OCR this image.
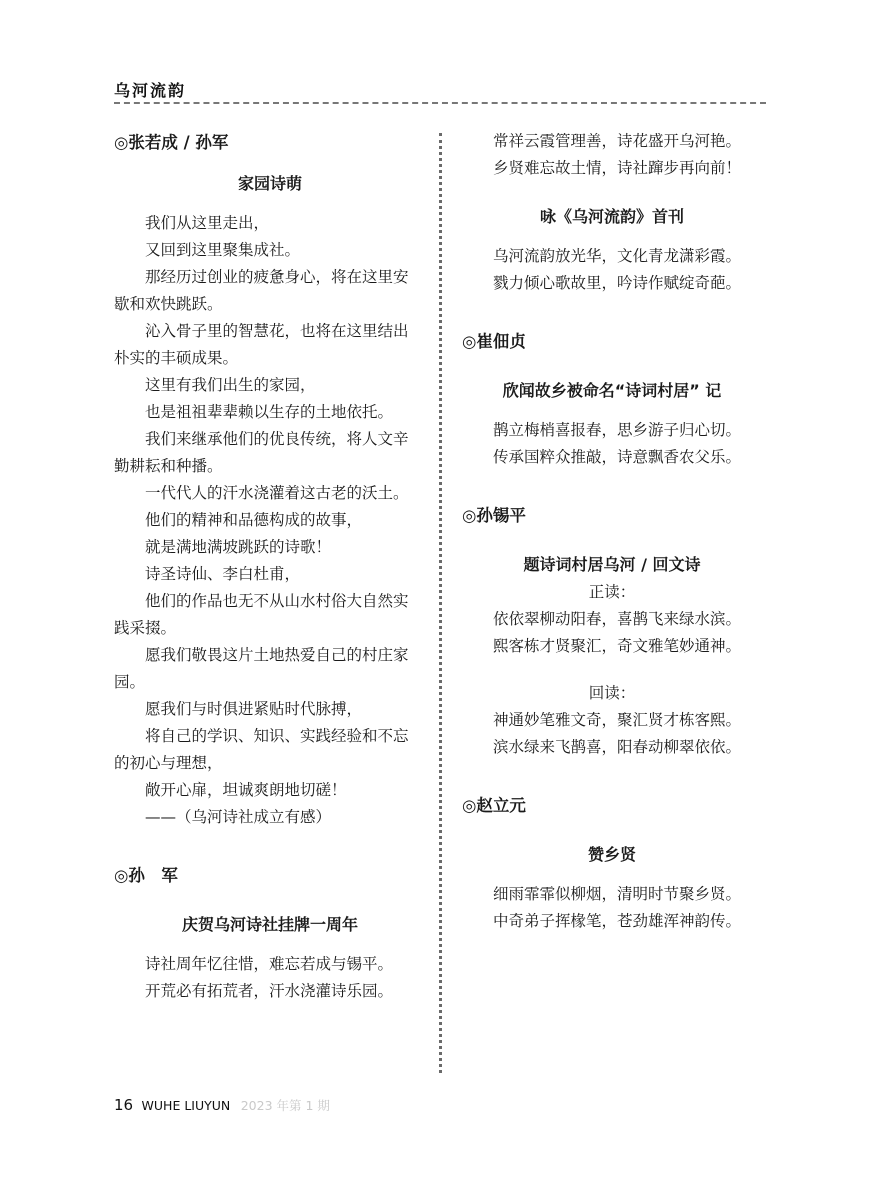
乌河流韵
◎张若成 / 孙军
家园诗萌
我们从这里走出，
又回到这里聚集成社。
那经历过创业的疲惫身心，将在这里安
歇和欢快跳跃。
沁入骨子里的智慧花，也将在这里结出
朴实的丰硕成果。
这里有我们出生的家园，
也是祖祖辈辈赖以生存的土地依托。
我们来继承他们的优良传统，将人文辛
勤耕耘和种播。
一代代人的汗水浇灌着这古老的沃土。
他们的精神和品德构成的故事，
就是满地满坡跳跃的诗歌！
诗圣诗仙、李白杜甫，
他们的作品也无不从山水村俗大自然实
践采掇。
愿我们敬畏这片土地热爱自己的村庄家
园。
愿我们与时俱进紧贴时代脉搏，
将自己的学识、知识、实践经验和不忘
的初心与理想，
敞开心扉，坦诚爽朗地切磋！
——（乌河诗社成立有感）
◎孙　军
庆贺乌河诗社挂牌一周年
诗社周年忆往惜，难忘若成与锡平。
开荒必有拓荒者，汗水浇灌诗乐园。
常祥云霞管理善，诗花盛开乌河艳。
乡贤难忘故土情，诗社蹿步再向前！
咏《乌河流韵》首刊
乌河流韵放光华，文化青龙潇彩霞。
戮力倾心歌故里，吟诗作赋绽奇葩。
◎崔佃贞
欣闻故乡被命名“诗词村居” 记
鹊立梅梢喜报春，思乡游子归心切。
传承国粹众推敲，诗意飘香农父乐。
◎孙锡平
题诗词村居乌河 / 回文诗
正读：
依依翠柳动阳春，喜鹊飞来绿水滨。
熙客栋才贤聚汇，奇文雅笔妙通神。
回读：
神通妙笔雅文奇，聚汇贤才栋客熙。
滨水绿来飞鹊喜，阳春动柳翠依依。
◎赵立元
赞乡贤
细雨霏霏似柳烟，清明时节聚乡贤。
中奇弟子挥椽笔，苍劲雄浑神韵传。
16 WUHE LIUYUN 2023 年第 1 期
